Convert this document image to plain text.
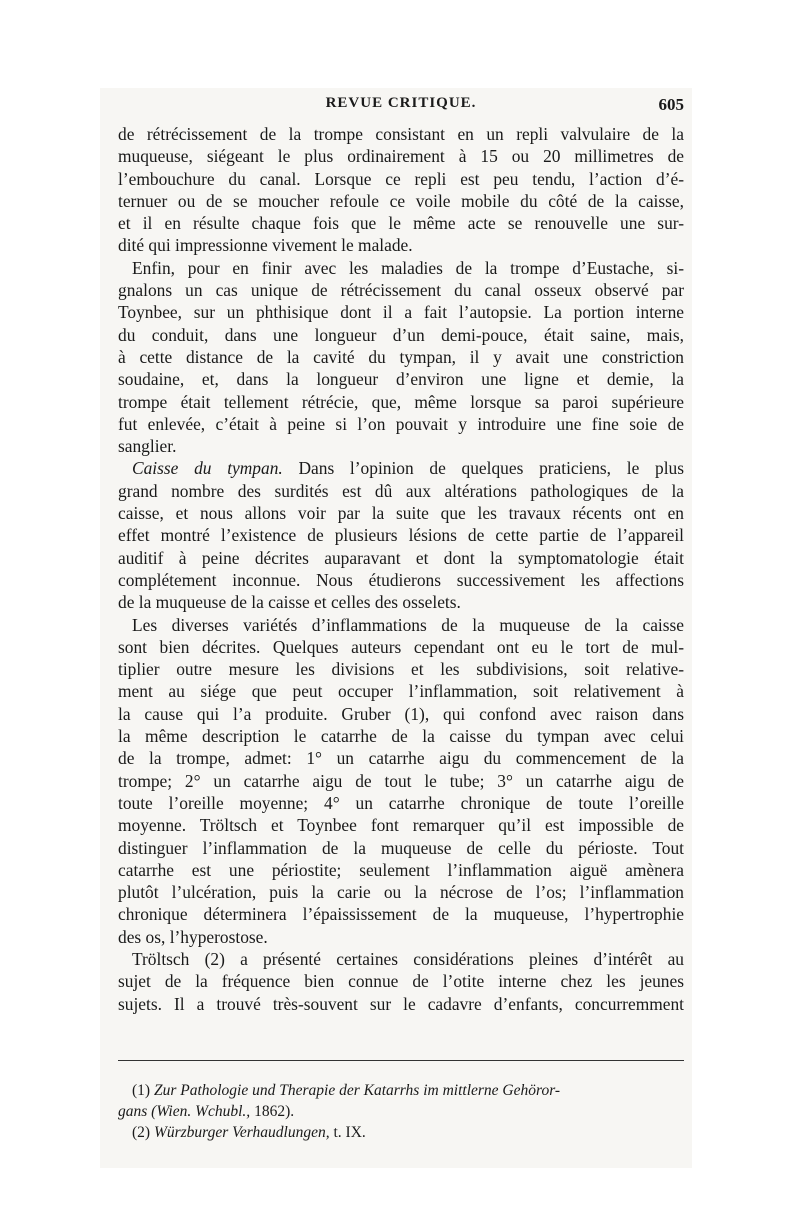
REVUE CRITIQUE.	605
de rétrécissement de la trompe consistant en un repli valvulaire de la
muqueuse, siégeant le plus ordinairement à 15 ou 20 millimetres de
l’embouchure du canal. Lorsque ce repli est peu tendu, l’action d’é-
ternuer ou de se moucher refoule ce voile mobile du côté de la caisse,
et il en résulte chaque fois que le même acte se renouvelle une sur-
dité qui impressionne vivement le malade.
Enfin, pour en finir avec les maladies de la trompe d’Eustache, si-
gnalons un cas unique de rétrécissement du canal osseux observé par
Toynbee, sur un phthisique dont il a fait l’autopsie. La portion interne
du conduit, dans une longueur d’un demi-pouce, était saine, mais,
à cette distance de la cavité du tympan, il y avait une constriction
soudaine, et, dans la longueur d’environ une ligne et demie, la
trompe était tellement rétrécie, que, même lorsque sa paroi supérieure
fut enlevée, c’était à peine si l’on pouvait y introduire une fine soie de
sanglier.
Caisse du tympan. Dans l’opinion de quelques praticiens, le plus
grand nombre des surdités est dû aux altérations pathologiques de la
caisse, et nous allons voir par la suite que les travaux récents ont en
effet montré l’existence de plusieurs lésions de cette partie de l’appareil
auditif à peine décrites auparavant et dont la symptomatologie était
complétement inconnue. Nous étudierons successivement les affections
de la muqueuse de la caisse et celles des osselets.
Les diverses variétés d’inflammations de la muqueuse de la caisse
sont bien décrites. Quelques auteurs cependant ont eu le tort de mul-
tiplier outre mesure les divisions et les subdivisions, soit relative-
ment au siége que peut occuper l’inflammation, soit relativement à
la cause qui l’a produite. Gruber (1), qui confond avec raison dans
la même description le catarrhe de la caisse du tympan avec celui
de la trompe, admet: 1° un catarrhe aigu du commencement de la
trompe; 2° un catarrhe aigu de tout le tube; 3° un catarrhe aigu de
toute l’oreille moyenne; 4° un catarrhe chronique de toute l’oreille
moyenne. Tröltsch et Toynbee font remarquer qu’il est impossible de
distinguer l’inflammation de la muqueuse de celle du périoste. Tout
catarrhe est une périostite; seulement l’inflammation aiguë amènera
plutôt l’ulcération, puis la carie ou la nécrose de l’os; l’inflammation
chronique déterminera l’épaississement de la muqueuse, l’hypertrophie
des os, l’hyperostose.
Tröltsch (2) a présenté certaines considérations pleines d’intérêt au
sujet de la fréquence bien connue de l’otite interne chez les jeunes
sujets. Il a trouvé très-souvent sur le cadavre d’enfants, concurremment
(1) Zur Pathologie und Therapie der Katarrhs im mittlerne Gehöror-
gans (Wien. Wchubl., 1862).
(2) Würzburger Verhaudlungen, t. IX.
